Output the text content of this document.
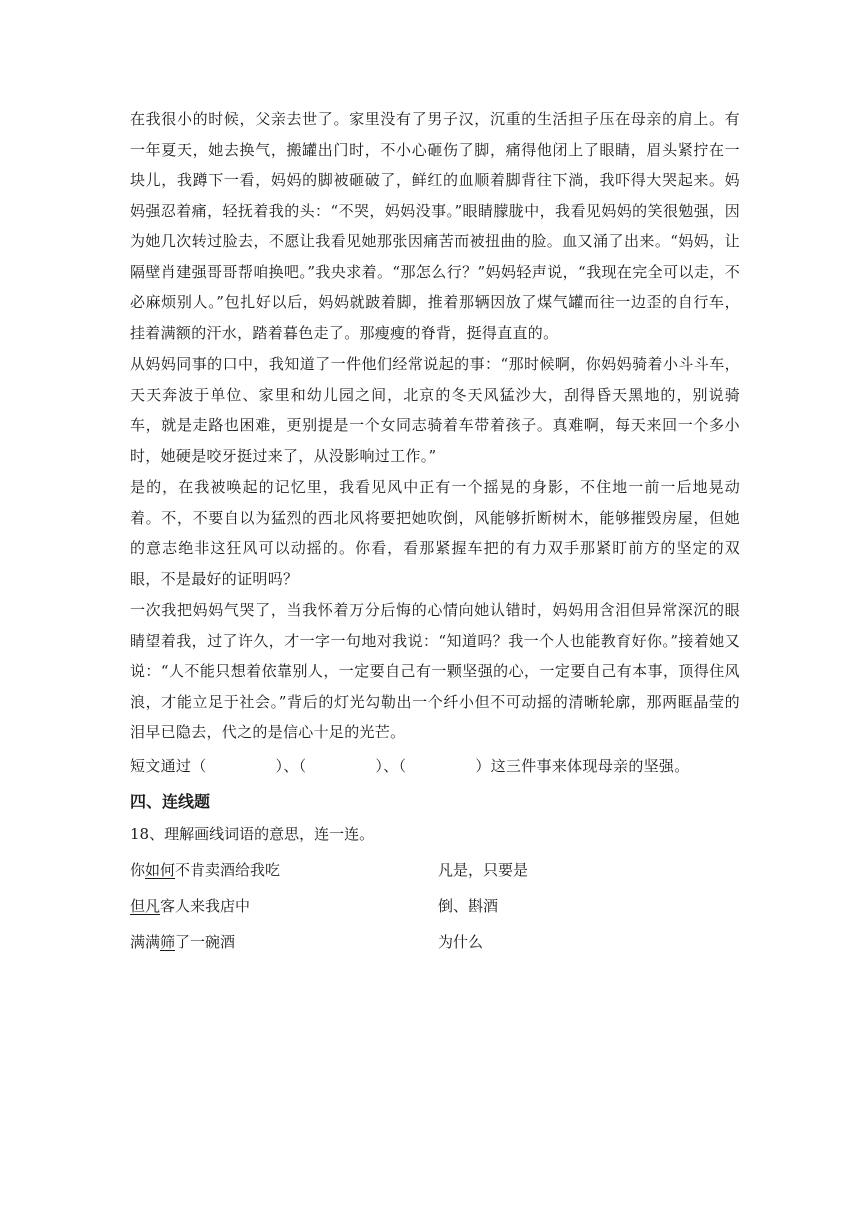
在我很小的时候，父亲去世了。家里没有了男子汉，沉重的生活担子压在母亲的肩上。有一年夏天，她去换气，搬罐出门时，不小心砸伤了脚，痛得他闭上了眼睛，眉头紧拧在一块儿，我蹲下一看，妈妈的脚被砸破了，鲜红的血顺着脚背往下淌，我吓得大哭起来。妈妈强忍着痛，轻抚着我的头：“不哭，妈妈没事。”眼睛朦胧中，我看见妈妈的笑很勉强，因为她几次转过脸去，不愿让我看见她那张因痛苦而被扭曲的脸。血又涌了出来。“妈妈，让隔壁肖建强哥哥帮咱换吧。”我央求着。“那怎么行？”妈妈轻声说，“我现在完全可以走，不必麻烦别人。”包扎好以后，妈妈就跛着脚，推着那辆因放了煤气罐而往一边歪的自行车，挂着满额的汗水，踏着暮色走了。那瘦瘦的脊背，挺得直直的。

从妈妈同事的口中，我知道了一件他们经常说起的事：“那时候啊，你妈妈骑着小斗斗车，天天奔波于单位、家里和幼儿园之间，北京的冬天风猛沙大，刮得昏天黑地的，别说骑车，就是走路也困难，更别提是一个女同志骑着车带着孩子。真难啊，每天来回一个多小时，她硬是咬牙挺过来了，从没影响过工作。”

是的，在我被唤起的记忆里，我看见风中正有一个摇晃的身影，不住地一前一后地晃动着。不，不要自以为猛烈的西北风将要把她吹倒，风能够折断树木，能够摧毁房屋，但她的意志绝非这狂风可以动摇的。你看，看那紧握车把的有力双手那紧盯前方的坚定的双眼，不是最好的证明吗？

一次我把妈妈气哭了，当我怀着万分后悔的心情向她认错时，妈妈用含泪但异常深沉的眼睛望着我，过了许久，才一字一句地对我说：“知道吗？我一个人也能教育好你。”接着她又说：“人不能只想着依靠别人，一定要自己有一颗坚强的心，一定要自己有本事，顶得住风浪，才能立足于社会。”背后的灯光勾勒出一个纤小但不可动摇的清晰轮廓，那两眶晶莹的泪早已隐去，代之的是信心十足的光芒。

短文通过（	）、（	）、（	）这三件事来体现母亲的坚强。
四、连线题
18、理解画线词语的意思，连一连。
你如何不肯卖酒给我吃	凡是，只要是
但凡客人来我店中	倒、斟酒
满满筛了一碗酒	为什么
